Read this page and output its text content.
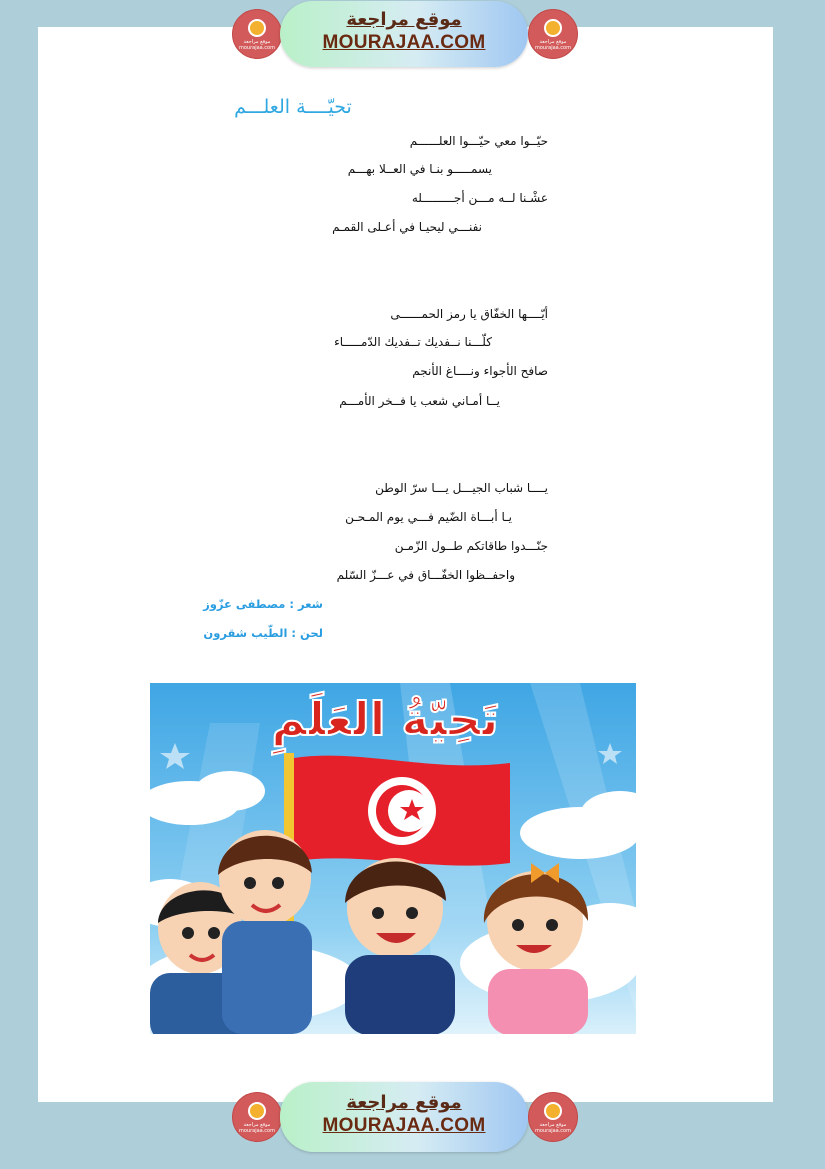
موقع مراجعة
mourajaa.com
موقع مراجعة
MOURAJAA.COM	موقع مراجعة
mourajaa.com
تحيّــــة العلـــم
حيّــوا معي حيّـــوا العلــــــم
يسمـــــو بنـا في العــلا بهـــم
عشْـنا لــه مـــن أجـــــــــله
نفنـــي ليحيـا في أعـلى القمـم
أيّــــها الخفّاق يا رمز الحمــــــى
كلّـــنا نــفديك تــفديك الدّمـــــاء
صافح الأجواء ونــــاغ الأنجم
يــا أمـاني شعب يا فــخر الأمـــم
يــــا شباب الجيـــل يـــا سرّ الوطن
يـا أبـــاة الضّيم فـــي يوم المـحـن
جنّـــدوا طاقاتكم طــول الزّمـن
واحفــظوا الخفّـــاق في عـــزّ السّلم
شعر : مصطفى عزّوز
لحن : الطّيب شقرون
تَحِيّةُ العَلَمِ
موقع مراجعة
mourajaa.com
موقع مراجعة
MOURAJAA.COM	موقع مراجعة
mourajaa.com
